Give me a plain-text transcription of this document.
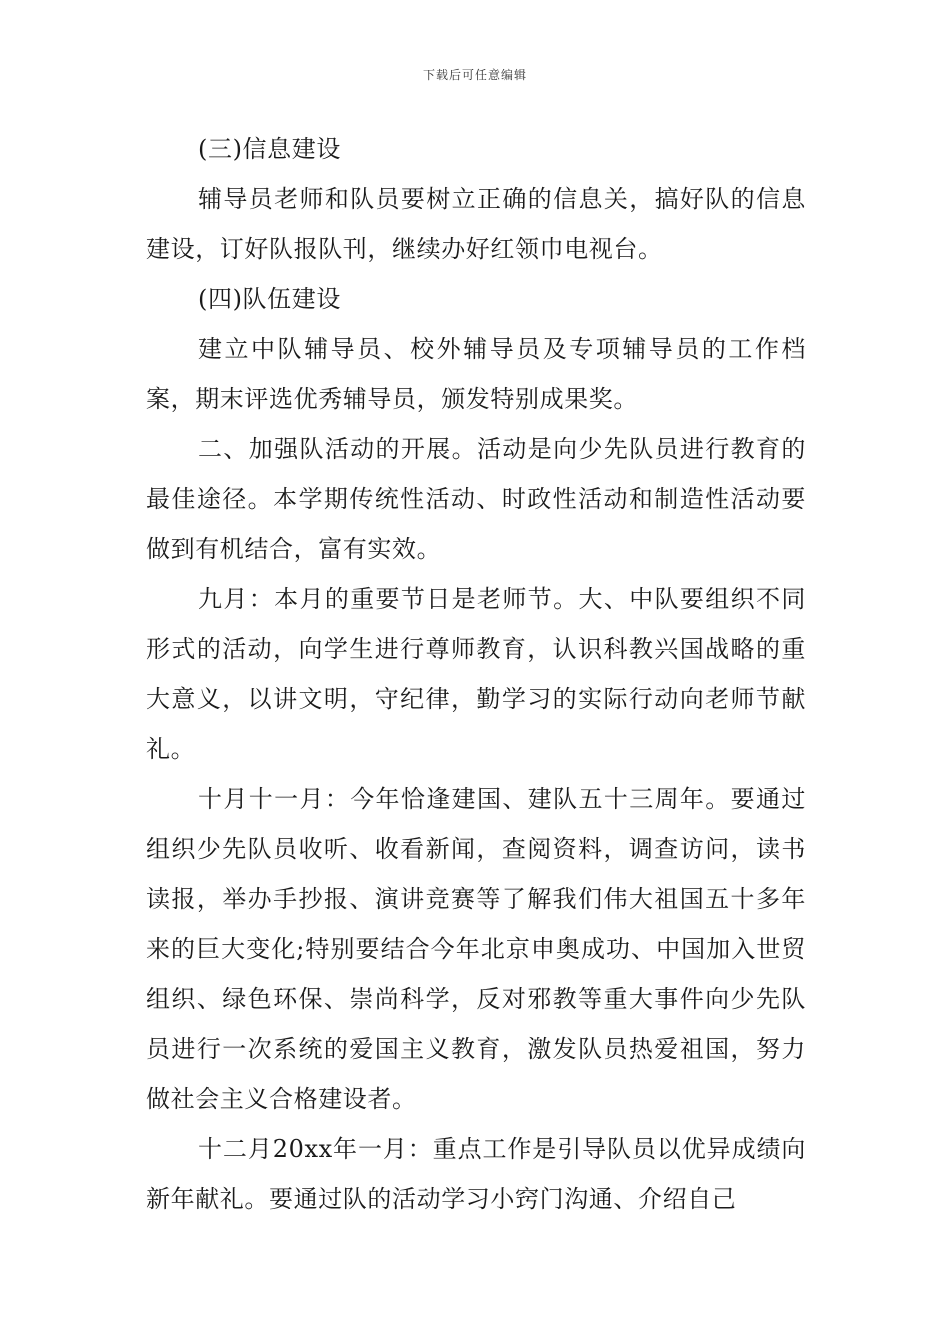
下载后可任意编辑

(三)信息建设

辅导员老师和队员要树立正确的信息关，搞好队的信息建设，订好队报队刊，继续办好红领巾电视台。

(四)队伍建设

建立中队辅导员、校外辅导员及专项辅导员的工作档案，期末评选优秀辅导员，颁发特别成果奖。

二、加强队活动的开展。活动是向少先队员进行教育的最佳途径。本学期传统性活动、时政性活动和制造性活动要做到有机结合，富有实效。

九月：本月的重要节日是老师节。大、中队要组织不同形式的活动，向学生进行尊师教育，认识科教兴国战略的重大意义，以讲文明，守纪律，勤学习的实际行动向老师节献礼。

十月十一月：今年恰逢建国、建队五十三周年。要通过组织少先队员收听、收看新闻，查阅资料，调查访问，读书读报，举办手抄报、演讲竞赛等了解我们伟大祖国五十多年来的巨大变化;特别要结合今年北京申奥成功、中国加入世贸组织、绿色环保、崇尚科学，反对邪教等重大事件向少先队员进行一次系统的爱国主义教育，激发队员热爱祖国，努力做社会主义合格建设者。

十二月20xx年一月：重点工作是引导队员以优异成绩向新年献礼。要通过队的活动学习小窍门沟通、介绍自己
